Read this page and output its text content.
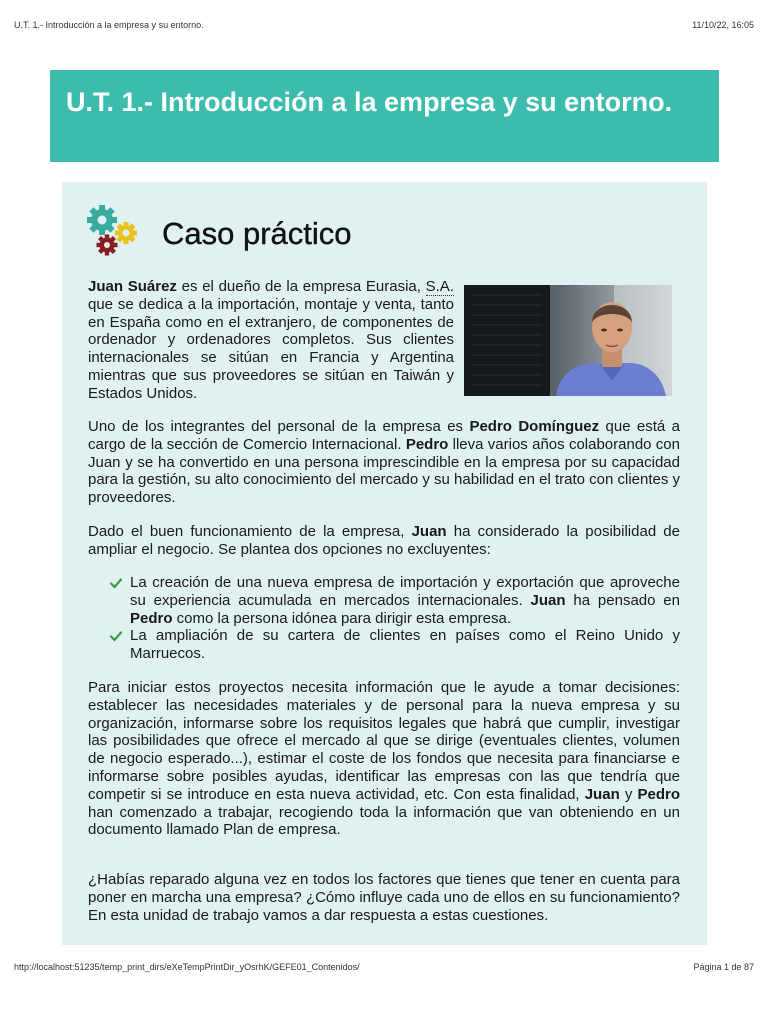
U.T. 1.- Introducción a la empresa y su entorno.	11/10/22, 16:05
U.T. 1.- Introducción a la empresa y su entorno.
Caso práctico

Juan Suárez es el dueño de la empresa Eurasia, S.A. que se dedica a la importación, montaje y venta, tanto en España como en el extranjero, de componentes de ordenador y ordenadores completos. Sus clientes internacionales se sitúan en Francia y Argentina mientras que sus proveedores se sitúan en Taiwán y Estados Unidos.

Uno de los integrantes del personal de la empresa es Pedro Domínguez que está a cargo de la sección de Comercio Internacional. Pedro lleva varios años colaborando con Juan y se ha convertido en una persona imprescindible en la empresa por su capacidad para la gestión, su alto conocimiento del mercado y su habilidad en el trato con clientes y proveedores.

Dado el buen funcionamiento de la empresa, Juan ha considerado la posibilidad de ampliar el negocio. Se plantea dos opciones no excluyentes:

La creación de una nueva empresa de importación y exportación que aproveche su experiencia acumulada en mercados internacionales. Juan ha pensado en Pedro como la persona idónea para dirigir esta empresa.
La ampliación de su cartera de clientes en países como el Reino Unido y Marruecos.

Para iniciar estos proyectos necesita información que le ayude a tomar decisiones: establecer las necesidades materiales y de personal para la nueva empresa y su organización, informarse sobre los requisitos legales que habrá que cumplir, investigar las posibilidades que ofrece el mercado al que se dirige (eventuales clientes, volumen de negocio esperado...), estimar el coste de los fondos que necesita para financiarse e informarse sobre posibles ayudas, identificar las empresas con las que tendría que competir si se introduce en esta nueva actividad, etc. Con esta finalidad, Juan y Pedro han comenzado a trabajar, recogiendo toda la información que van obteniendo en un documento llamado Plan de empresa.

¿Habías reparado alguna vez en todos los factores que tienes que tener en cuenta para poner en marcha una empresa? ¿Cómo influye cada uno de ellos en su funcionamiento? En esta unidad de trabajo vamos a dar respuesta a estas cuestiones.

http://localhost:51235/temp_print_dirs/eXeTempPrintDir_yOsrhK/GEFE01_Contenidos/	Página 1 de 87
